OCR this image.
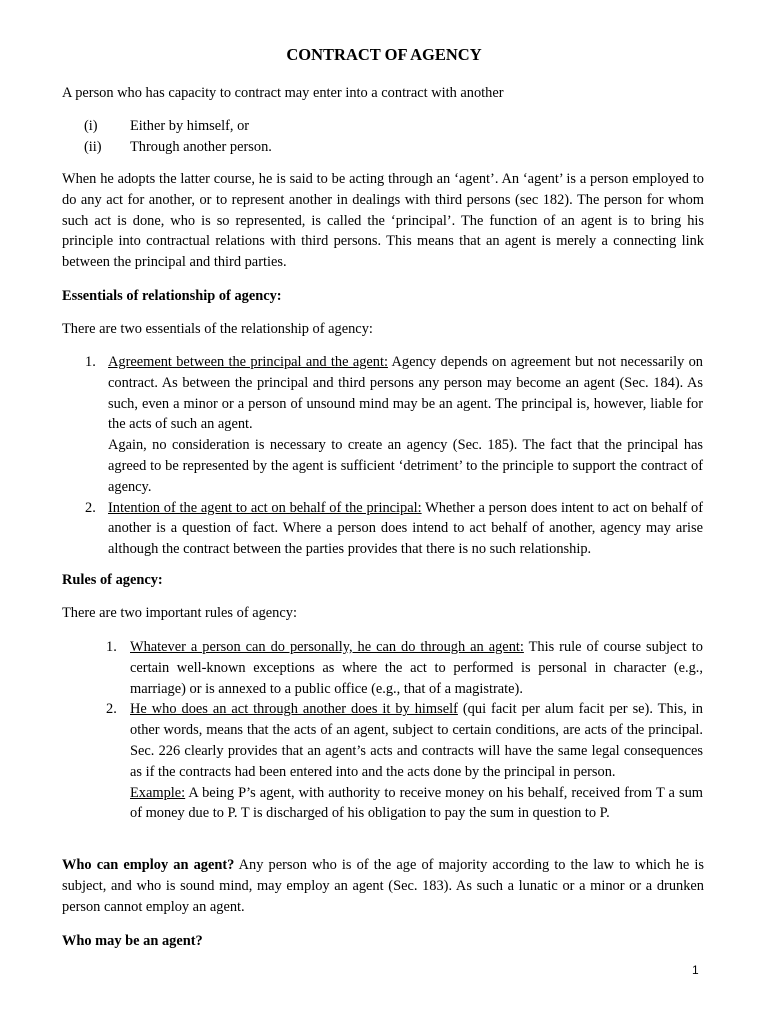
CONTRACT OF AGENCY

A person who has capacity to contract may enter into a contract with another

(i) Either by himself, or
(ii) Through another person.

When he adopts the latter course, he is said to be acting through an ‘agent’. An ‘agent’ is a person employed to do any act for another, or to represent another in dealings with third persons (sec 182). The person for whom such act is done, who is so represented, is called the ‘principal’. The function of an agent is to bring his principle into contractual relations with third persons. This means that an agent is merely a connecting link between the principal and third parties.

Essentials of relationship of agency:

There are two essentials of the relationship of agency:

1. Agreement between the principal and the agent: Agency depends on agreement but not necessarily on contract. As between the principal and third persons any person may become an agent (Sec. 184). As such, even a minor or a person of unsound mind may be an agent. The principal is, however, liable for the acts of such an agent.
Again, no consideration is necessary to create an agency (Sec. 185). The fact that the principal has agreed to be represented by the agent is sufficient ‘detriment’ to the principle to support the contract of agency.
2. Intention of the agent to act on behalf of the principal: Whether a person does intent to act on behalf of another is a question of fact. Where a person does intend to act behalf of another, agency may arise although the contract between the parties provides that there is no such relationship.

Rules of agency:

There are two important rules of agency:

1. Whatever a person can do personally, he can do through an agent: This rule of course subject to certain well-known exceptions as where the act to performed is personal in character (e.g., marriage) or is annexed to a public office (e.g., that of a magistrate).
2. He who does an act through another does it by himself (qui facit per alum facit per se). This, in other words, means that the acts of an agent, subject to certain conditions, are acts of the principal. Sec. 226 clearly provides that an agent’s acts and contracts will have the same legal consequences as if the contracts had been entered into and the acts done by the principal in person.
Example: A being P’s agent, with authority to receive money on his behalf, received from T a sum of money due to P. T is discharged of his obligation to pay the sum in question to P.

Who can employ an agent? Any person who is of the age of majority according to the law to which he is subject, and who is sound mind, may employ an agent (Sec. 183). As such a lunatic or a minor or a drunken person cannot employ an agent.

Who may be an agent?

1
